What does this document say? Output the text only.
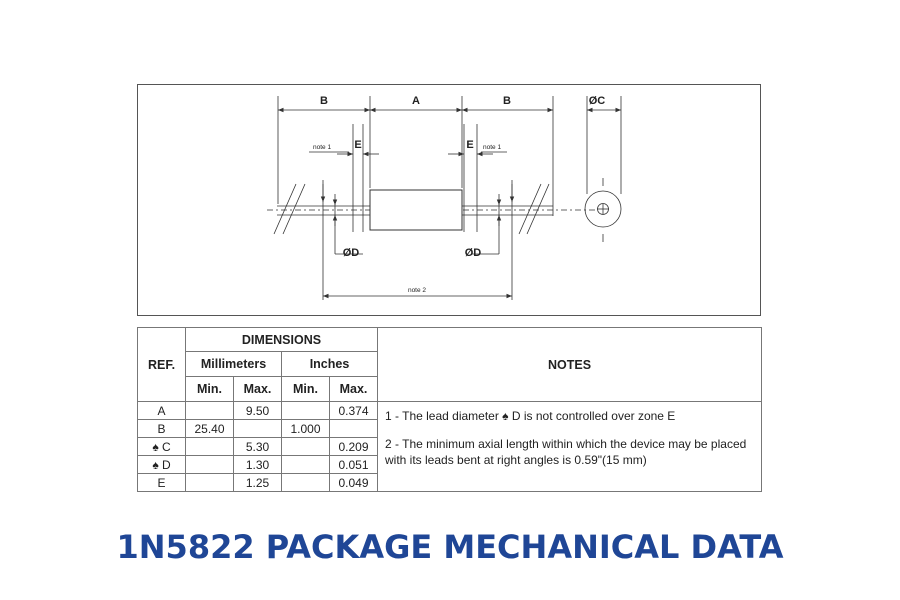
B	A	B	ØC
E	E
note 1	note 1
ØD	ØD
note 2
REF.	DIMENSIONS				NOTES
	Millimeters		Inches		
	Min.	Max.	Min.	Max.	
A		9.50		0.374	1 - The lead diameter ♠ D is not controlled over zone E

2 - The minimum axial length within which the device may be placed with its leads bent at right angles is 0.59"(15 mm)

B	25.40		1.000		
♠ C		5.30		0.209	
♠ D		1.30		0.051	
E		1.25		0.049	
1N5822 PACKAGE MECHANICAL DATA
